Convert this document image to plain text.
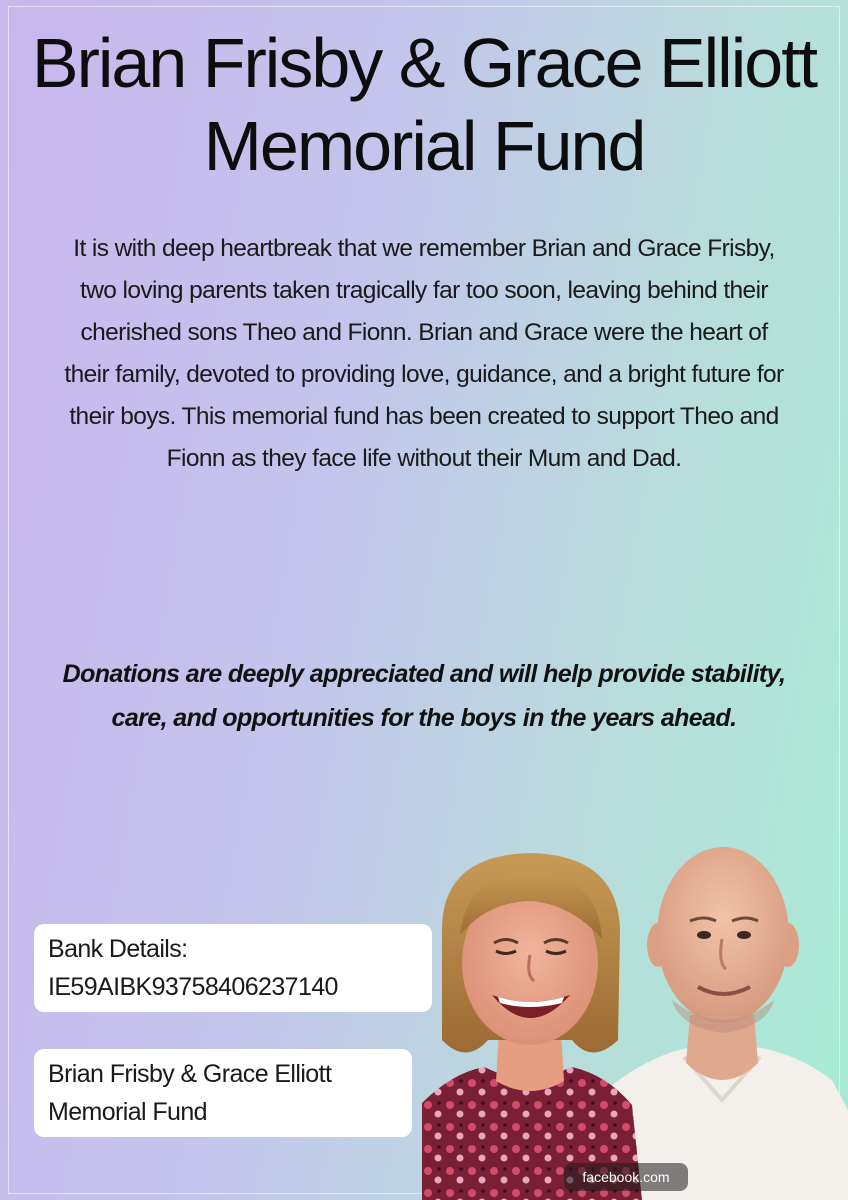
Brian Frisby & Grace Elliott Memorial Fund

It is with deep heartbreak that we remember Brian and Grace Frisby, two loving parents taken tragically far too soon, leaving behind their cherished sons Theo and Fionn. Brian and Grace were the heart of their family, devoted to providing love, guidance, and a bright future for their boys. This memorial fund has been created to support Theo and Fionn as they face life without their Mum and Dad.

Donations are deeply appreciated and will help provide stability, care, and opportunities for the boys in the years ahead.

Bank Details:
IE59AIBK93758406237140
Brian Frisby & Grace Elliott Memorial Fund
facebook.com
